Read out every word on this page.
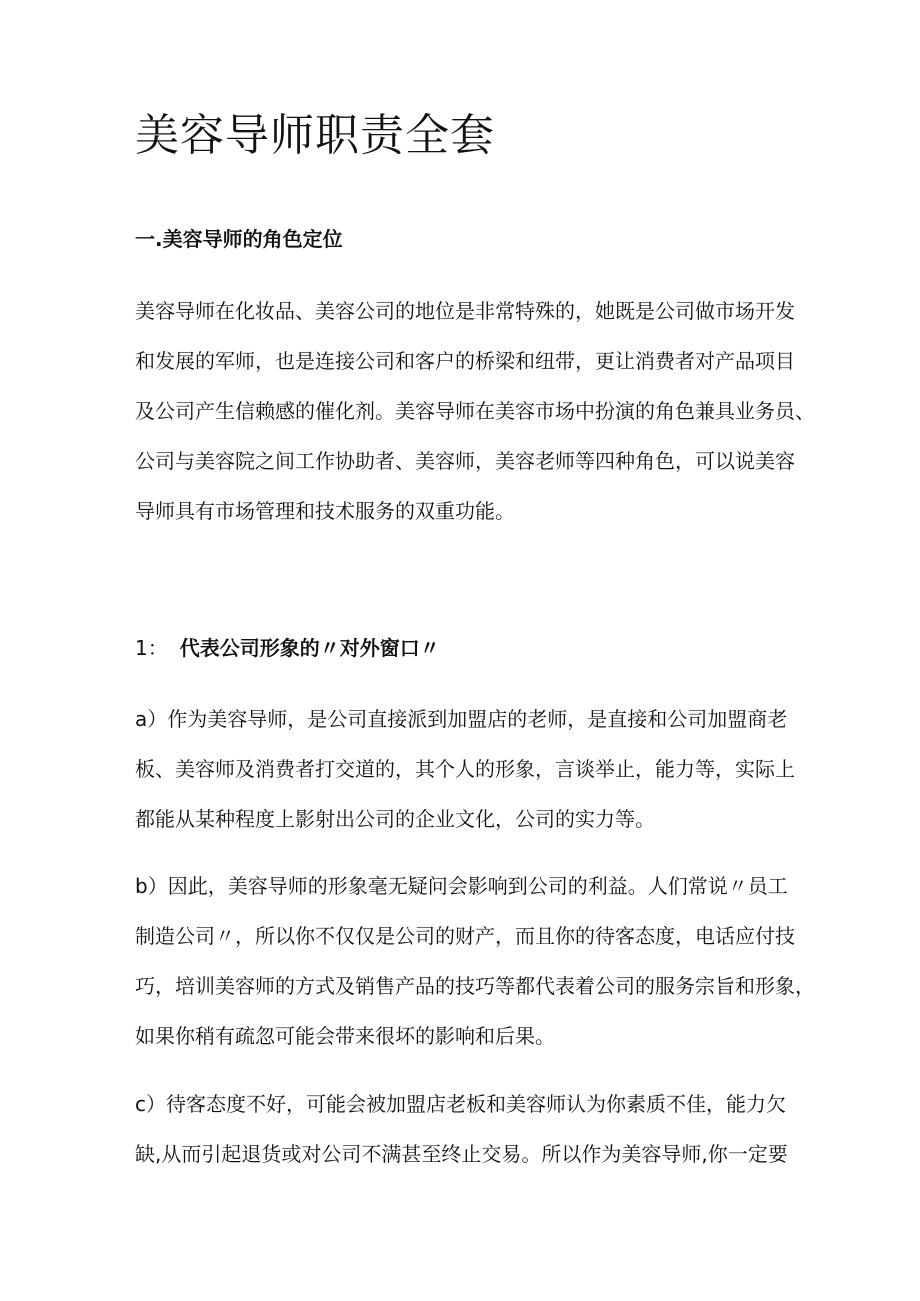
美容导师职责全套
一.美容导师的角色定位
美容导师在化妆品、美容公司的地位是非常特殊的，她既是公司做市场开发
和发展的军师，也是连接公司和客户的桥梁和纽带，更让消费者对产品项目
及公司产生信赖感的催化剂。美容导师在美容市场中扮演的角色兼具业务员、
公司与美容院之间工作协助者、美容师，美容老师等四种角色，可以说美容
导师具有市场管理和技术服务的双重功能。
1： 代表公司形象的〃对外窗口〃
a）作为美容导师，是公司直接派到加盟店的老师，是直接和公司加盟商老
板、美容师及消费者打交道的，其个人的形象，言谈举止，能力等，实际上
都能从某种程度上影射出公司的企业文化，公司的实力等。
b）因此，美容导师的形象毫无疑问会影响到公司的利益。人们常说〃员工
制造公司〃，所以你不仅仅是公司的财产，而且你的待客态度，电话应付技
巧，培训美容师的方式及销售产品的技巧等都代表着公司的服务宗旨和形象，
如果你稍有疏忽可能会带来很坏的影响和后果。
c）待客态度不好，可能会被加盟店老板和美容师认为你素质不佳，能力欠
缺,从而引起退货或对公司不满甚至终止交易。所以作为美容导师,你一定要
